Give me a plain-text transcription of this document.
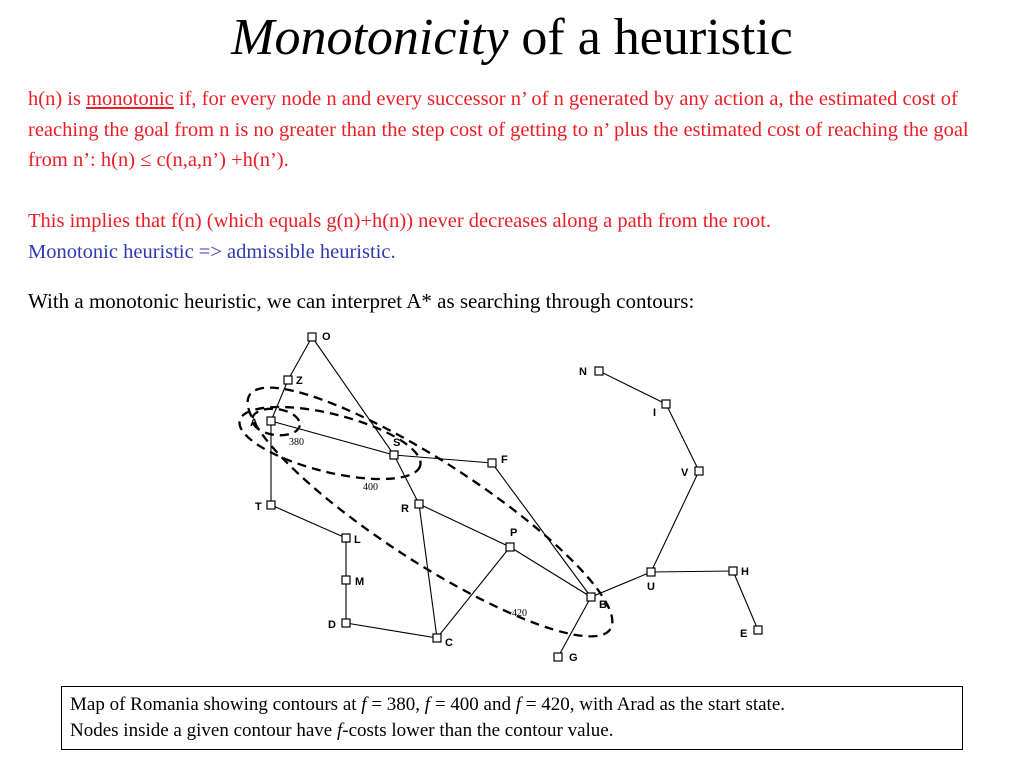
Monotonicity of a heuristic
h(n) is monotonic if, for every node n and every successor n’ of n generated by any action a, the estimated cost of reaching the goal from n is no greater than the step cost of getting to n’ plus the estimated cost of reaching the goal from n’: h(n) ≤ c(n,a,n’) +h(n’).
This implies that f(n) (which equals g(n)+h(n)) never decreases along a path from the root.
Monotonic heuristic => admissible heuristic.
With a monotonic heuristic, we can interpret A* as searching through contours:
O
Z
A
S
F
R
T
L
M
D
C
P
B
G
U
H
E
N
I
V
380
400
420
Map of Romania showing contours at f = 380, f = 400 and f = 420, with Arad as the start state.
Nodes inside a given contour have f-costs lower than the contour value.
